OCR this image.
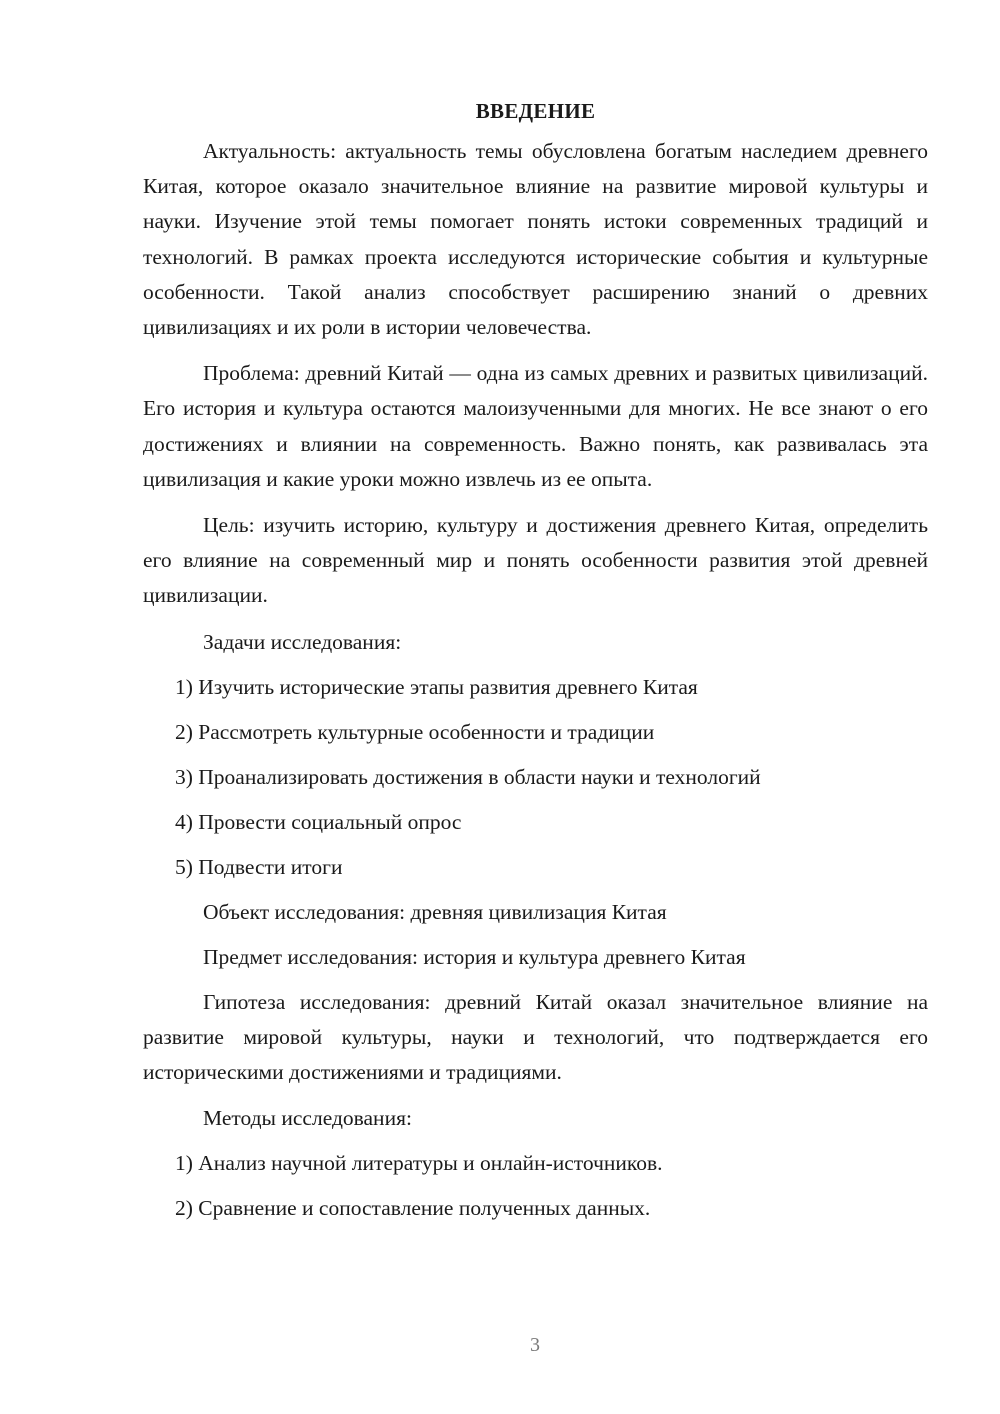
ВВЕДЕНИЕ

Актуальность: актуальность темы обусловлена богатым наследием древнего Китая, которое оказало значительное влияние на развитие мировой культуры и науки. Изучение этой темы помогает понять истоки современных традиций и технологий. В рамках проекта исследуются исторические события и культурные особенности. Такой анализ способствует расширению знаний о древних цивилизациях и их роли в истории человечества.

Проблема: древний Китай — одна из самых древних и развитых цивилизаций. Его история и культура остаются малоизученными для многих. Не все знают о его достижениях и влиянии на современность. Важно понять, как развивалась эта цивилизация и какие уроки можно извлечь из ее опыта.

Цель: изучить историю, культуру и достижения древнего Китая, определить его влияние на современный мир и понять особенности развития этой древней цивилизации.

Задачи исследования:
1) Изучить исторические этапы развития древнего Китая
2) Рассмотреть культурные особенности и традиции
3) Проанализировать достижения в области науки и технологий
4) Провести социальный опрос
5) Подвести итоги
Объект исследования: древняя цивилизация Китая
Предмет исследования: история и культура древнего Китая

Гипотеза исследования: древний Китай оказал значительное влияние на развитие мировой культуры, науки и технологий, что подтверждается его историческими достижениями и традициями.

Методы исследования:
1) Анализ научной литературы и онлайн-источников.
2) Сравнение и сопоставление полученных данных.
3
